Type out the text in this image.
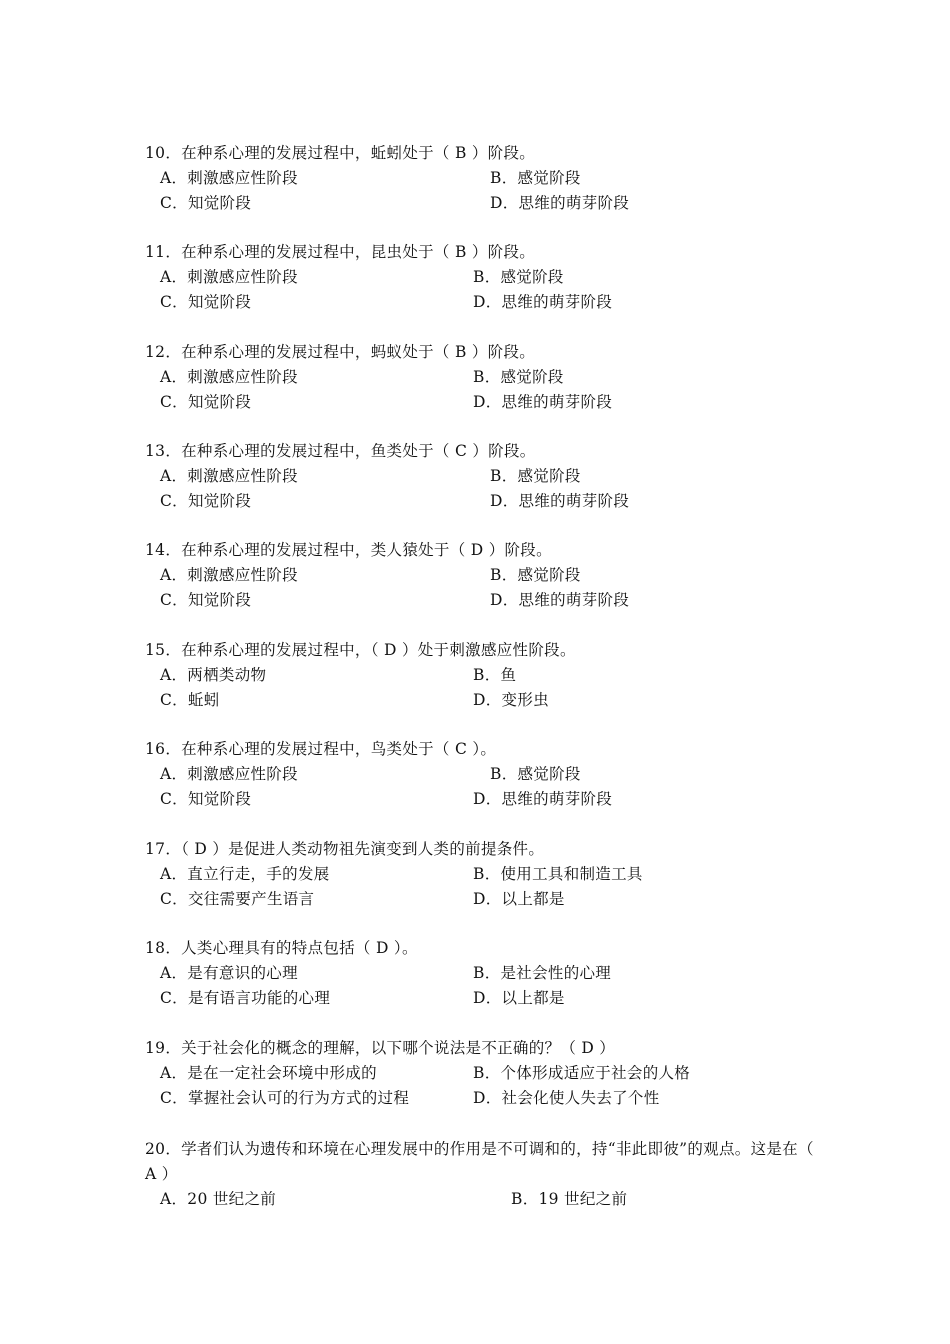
10．在种系心理的发展过程中，蚯蚓处于（ B ）阶段。
A．刺激感应性阶段	B．感觉阶段
C．知觉阶段	D．思维的萌芽阶段
11．在种系心理的发展过程中，昆虫处于（ B ）阶段。
A．刺激感应性阶段	B．感觉阶段
C．知觉阶段	D．思维的萌芽阶段
12．在种系心理的发展过程中，蚂蚁处于（ B ）阶段。
A．刺激感应性阶段	B．感觉阶段
C．知觉阶段	D．思维的萌芽阶段
13．在种系心理的发展过程中，鱼类处于（ C ）阶段。
A．刺激感应性阶段	B．感觉阶段
C．知觉阶段	D．思维的萌芽阶段
14．在种系心理的发展过程中，类人猿处于（ D ）阶段。
A．刺激感应性阶段	B．感觉阶段
C．知觉阶段	D．思维的萌芽阶段
15．在种系心理的发展过程中，（ D ）处于刺激感应性阶段。
A．两栖类动物	B．鱼
C．蚯蚓	D．变形虫
16．在种系心理的发展过程中，鸟类处于（ C ）。
A．刺激感应性阶段	B．感觉阶段
C．知觉阶段	D．思维的萌芽阶段
17．（ D ）是促进人类动物祖先演变到人类的前提条件。
A．直立行走，手的发展	B．使用工具和制造工具
C．交往需要产生语言	D．以上都是
18．人类心理具有的特点包括（ D ）。
A．是有意识的心理	B．是社会性的心理
C．是有语言功能的心理	D．以上都是
19．关于社会化的概念的理解，以下哪个说法是不正确的？（ D ）
A．是在一定社会环境中形成的	B．个体形成适应于社会的人格
C．掌握社会认可的行为方式的过程	D．社会化使人失去了个性
20．学者们认为遗传和环境在心理发展中的作用是不可调和的，持“非此即彼”的观点。这是在（ A ）
A．20 世纪之前	B．19 世纪之前
